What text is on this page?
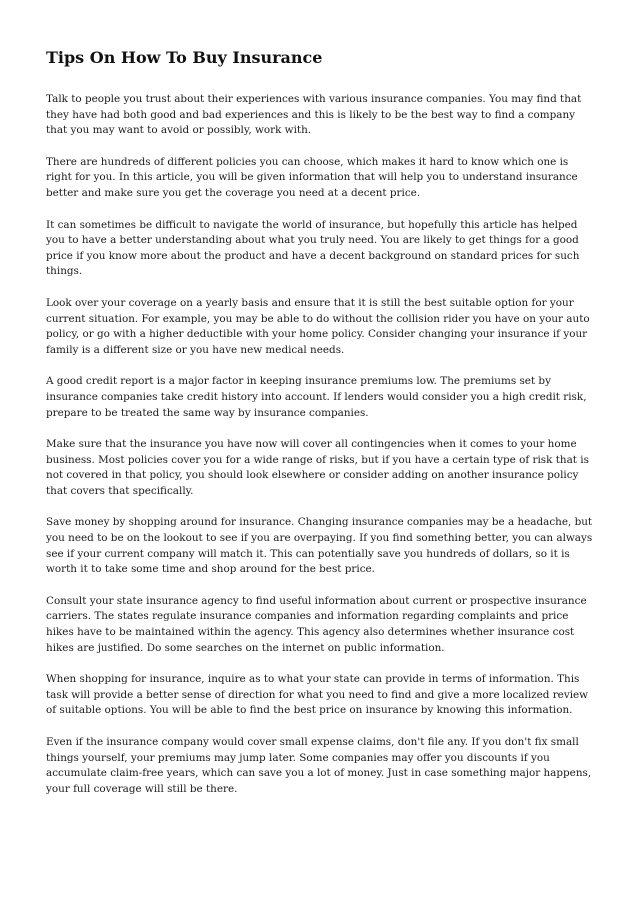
Tips On How To Buy Insurance

Talk to people you trust about their experiences with various insurance companies. You may find that they have had both good and bad experiences and this is likely to be the best way to find a company that you may want to avoid or possibly, work with.

There are hundreds of different policies you can choose, which makes it hard to know which one is right for you. In this article, you will be given information that will help you to understand insurance better and make sure you get the coverage you need at a decent price.

It can sometimes be difficult to navigate the world of insurance, but hopefully this article has helped you to have a better understanding about what you truly need. You are likely to get things for a good price if you know more about the product and have a decent background on standard prices for such things.

Look over your coverage on a yearly basis and ensure that it is still the best suitable option for your current situation. For example, you may be able to do without the collision rider you have on your auto policy, or go with a higher deductible with your home policy. Consider changing your insurance if your family is a different size or you have new medical needs.

A good credit report is a major factor in keeping insurance premiums low. The premiums set by insurance companies take credit history into account. If lenders would consider you a high credit risk, prepare to be treated the same way by insurance companies.

Make sure that the insurance you have now will cover all contingencies when it comes to your home business. Most policies cover you for a wide range of risks, but if you have a certain type of risk that is not covered in that policy, you should look elsewhere or consider adding on another insurance policy that covers that specifically.

Save money by shopping around for insurance. Changing insurance companies may be a headache, but you need to be on the lookout to see if you are overpaying. If you find something better, you can always see if your current company will match it. This can potentially save you hundreds of dollars, so it is worth it to take some time and shop around for the best price.

Consult your state insurance agency to find useful information about current or prospective insurance carriers. The states regulate insurance companies and information regarding complaints and price hikes have to be maintained within the agency. This agency also determines whether insurance cost hikes are justified. Do some searches on the internet on public information.

When shopping for insurance, inquire as to what your state can provide in terms of information. This task will provide a better sense of direction for what you need to find and give a more localized review of suitable options. You will be able to find the best price on insurance by knowing this information.

Even if the insurance company would cover small expense claims, don't file any. If you don't fix small things yourself, your premiums may jump later. Some companies may offer you discounts if you accumulate claim-free years, which can save you a lot of money. Just in case something major happens, your full coverage will still be there.
